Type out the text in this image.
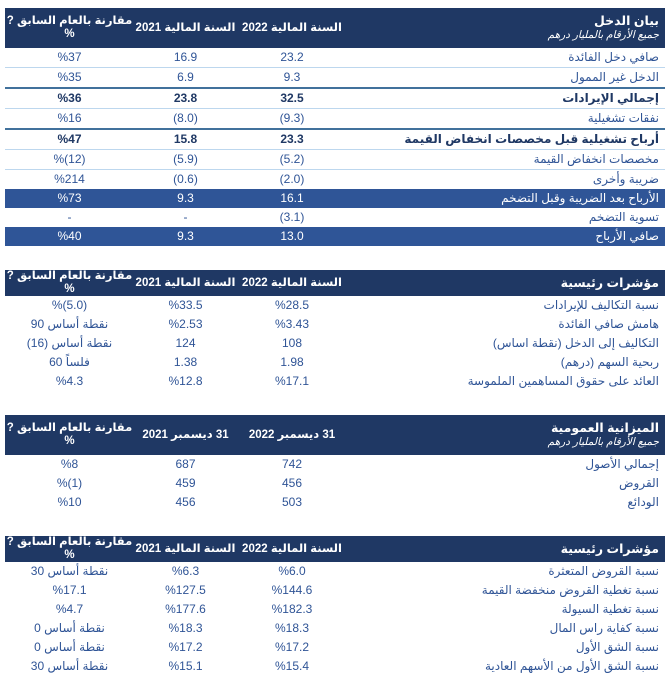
بيان الدخل
جميع الأرقام بالمليار درهم	السنة المالية 2022	السنة المالية 2021	مقارنة بالعام السابق ?%
صافي دخل الفائدة	23.2	16.9	%37
الدخل غير الممول	9.3	6.9	%35
إجمالي الإيرادات	32.5	23.8	%36
نفقات تشغيلية	(9.3)	(8.0)	%16
أرباح تشغيلية قبل مخصصات انخفاض القيمة	23.3	15.8	%47
مخصصات انخفاض القيمة	(5.2)	(5.9)	%(12)
ضريبة وأخرى	(2.0)	(0.6)	%214
الأرباح بعد الضريبة وقبل التضخم	16.1	9.3	%73
تسوية التضخم	(3.1)	-	-
صافي الأرباح	13.0	9.3	%40
مؤشرات رئيسية	السنة المالية 2022	السنة المالية 2021	مقارنة بالعام السابق ?%
نسبة التكاليف للإيرادات	%28.5	%33.5	%(5.0)
هامش صافي الفائدة	%3.43	%2.53	90 نقطة أساس
التكاليف إلى الدخل (نقطة اساس)	108	124	(16) نقطة أساس
ربحية السهم (درهم)	1.98	1.38	60 فلساً
العائد على حقوق المساهمين الملموسة	%17.1	%12.8	%4.3
الميزانية العمومية
جميع الأرقام بالمليار درهم	31 ديسمبر 2022	31 ديسمبر 2021	مقارنة بالعام السابق ?%
إجمالي الأصول	742	687	%8
القروض	456	459	%(1)
الودائع	503	456	%10
مؤشرات رئيسية	السنة المالية 2022	السنة المالية 2021	مقارنة بالعام السابق ?%
نسبة القروض المتعثرة	%6.0	%6.3	30 نقطة أساس
نسبة تغطية القروض منخفضة القيمة	%144.6	%127.5	%17.1
نسبة تغطية السيولة	%182.3	%177.6	%4.7
نسبة كفاية راس المال	%18.3	%18.3	0 نقطة أساس
نسبة الشق الأول	%17.2	%17.2	0 نقطة أساس
نسبة الشق الأول من الأسهم العادية	%15.4	%15.1	30 نقطة أساس
